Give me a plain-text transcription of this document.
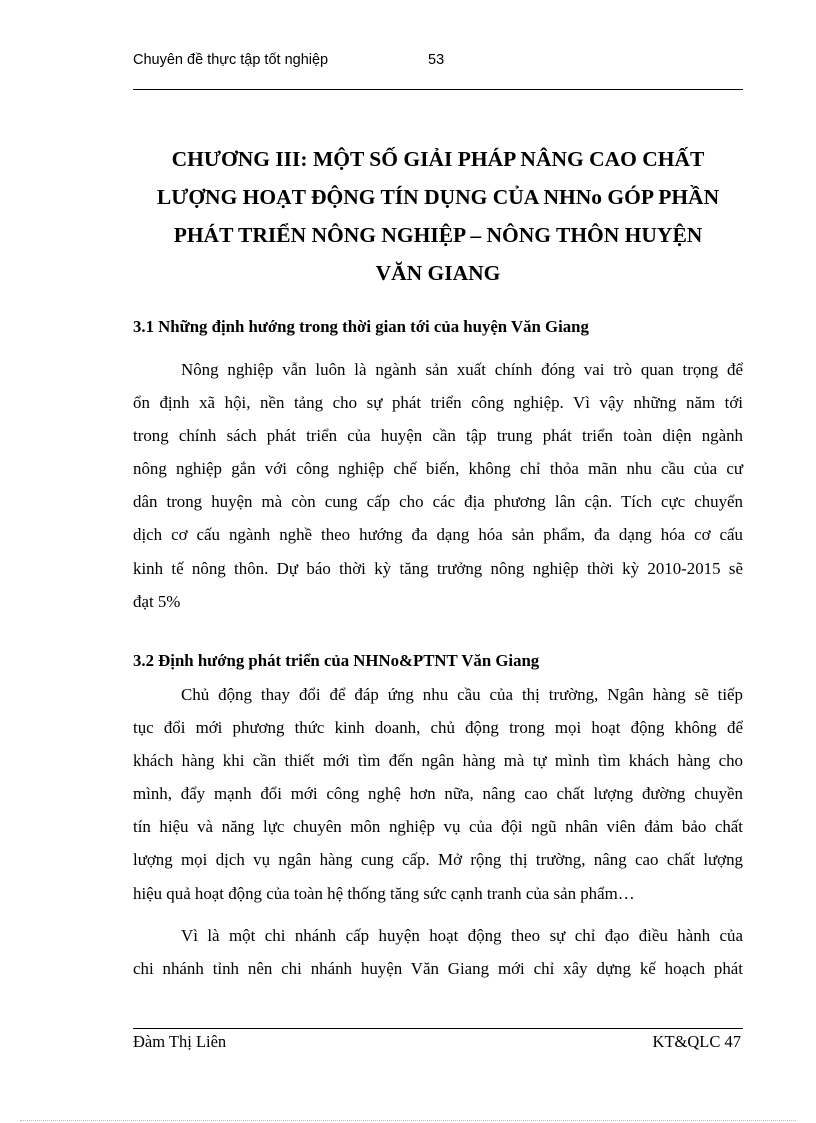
Chuyên đề thực tập tốt nghiệp	53
CHƯƠNG III: MỘT SỐ GIẢI PHÁP NÂNG CAO CHẤT
LƯỢNG HOẠT ĐỘNG TÍN DỤNG CỦA NHNo GÓP PHẦN
PHÁT TRIỂN NÔNG NGHIỆP – NÔNG THÔN HUYỆN
VĂN GIANG
3.1 Những định hướng trong thời gian tới của huyện Văn Giang
Nông nghiệp vẫn luôn là ngành sản xuất chính đóng vai trò quan trọng để
ổn định xã hội, nền tảng cho sự phát triển công nghiệp. Vì vậy những năm tới
trong chính sách phát triển của huyện cần tập trung phát triển toàn diện ngành
nông nghiệp gắn với công nghiệp chế biến, không chỉ thỏa mãn nhu cầu của cư
dân trong huyện mà còn cung cấp cho các địa phương lân cận. Tích cực chuyển
dịch cơ cấu ngành nghề theo hướng đa dạng hóa sản phẩm, đa dạng hóa cơ cấu
kinh tế nông thôn. Dự báo thời kỳ tăng trưởng nông nghiệp thời kỳ 2010-2015 sẽ
đạt 5%
3.2 Định hướng phát triển của NHNo&PTNT Văn Giang
Chủ động thay đổi để đáp ứng nhu cầu của thị trường, Ngân hàng sẽ tiếp
tục đổi mới phương thức kinh doanh, chủ động trong mọi hoạt động không để
khách hàng khi cần thiết mới tìm đến ngân hàng mà tự mình tìm khách hàng cho
mình, đẩy mạnh đổi mới công nghệ hơn nữa, nâng cao chất lượng đường chuyền
tín hiệu và năng lực chuyên môn nghiệp vụ của đội ngũ nhân viên đảm bảo chất
lượng mọi dịch vụ ngân hàng cung cấp. Mở rộng thị trường, nâng cao chất lượng
hiệu quả hoạt động của toàn hệ thống tăng sức cạnh tranh của sản phẩm…
Vì là một chi nhánh cấp huyện hoạt động theo sự chỉ đạo điều hành của
chi nhánh tỉnh nên chi nhánh huyện Văn Giang mới chỉ xây dựng kế hoạch phát
Đàm Thị Liên	KT&QLC 47
